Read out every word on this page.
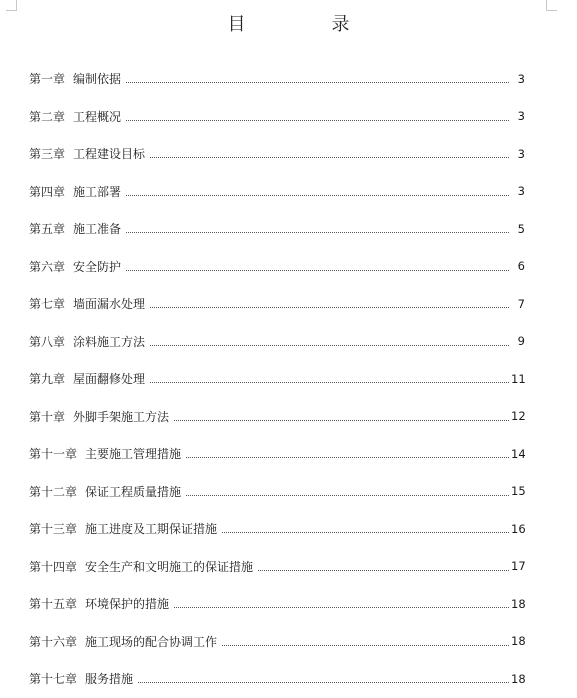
目　录
第一章 编制依据	3
第二章 工程概况	3
第三章 工程建设目标	3
第四章 施工部署	3
第五章 施工准备	5
第六章 安全防护	6
第七章 墙面漏水处理	7
第八章 涂料施工方法	9
第九章 屋面翻修处理	11
第十章 外脚手架施工方法	12
第十一章 主要施工管理措施	14
第十二章 保证工程质量措施	15
第十三章 施工进度及工期保证措施	16
第十四章 安全生产和文明施工的保证措施	17
第十五章 环境保护的措施	18
第十六章 施工现场的配合协调工作	18
第十七章 服务措施	18
